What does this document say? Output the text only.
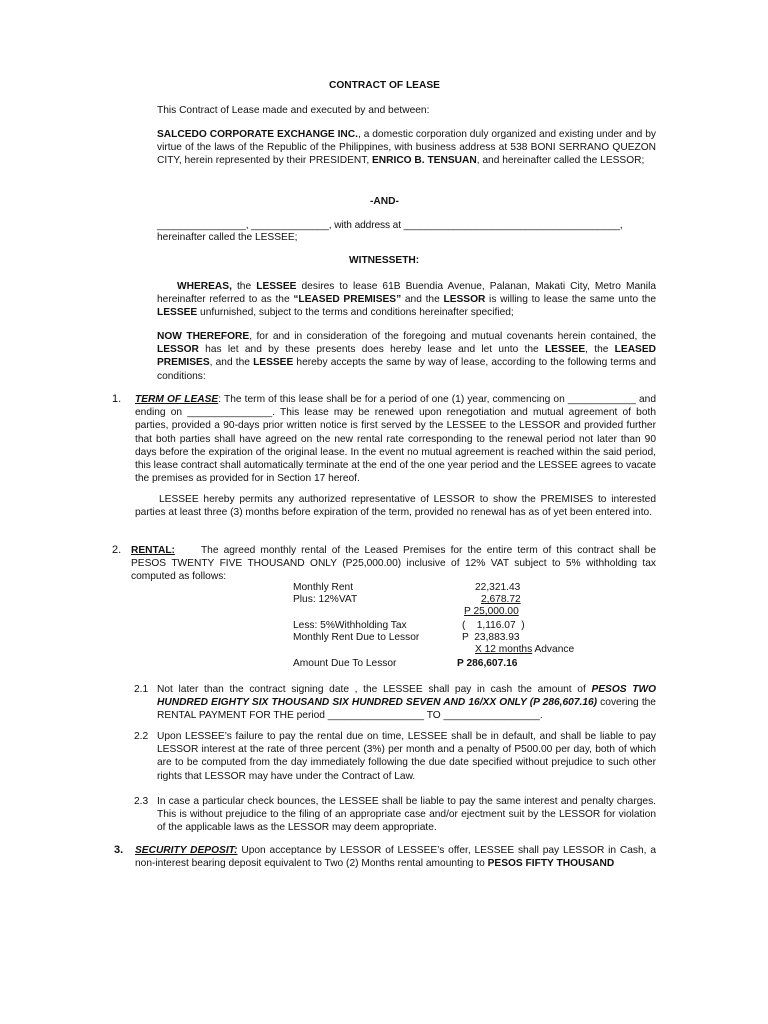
CONTRACT OF LEASE
This Contract of Lease made and executed by and between:
SALCEDO CORPORATE EXCHANGE INC., a domestic corporation duly organized and existing under and by virtue of the laws of the Republic of the Philippines, with business address at 538 BONI SERRANO QUEZON CITY, herein represented by their PRESIDENT, ENRICO B. TENSUAN, and hereinafter called the LESSOR;
-AND-
________________, ______________, with address at _______________________________________,
hereinafter called the LESSEE;
WITNESSETH:
WHEREAS, the LESSEE desires to lease 61B Buendia Avenue, Palanan, Makati City, Metro Manila hereinafter referred to as the “LEASED PREMISES” and the LESSOR is willing to lease the same unto the LESSEE unfurnished, subject to the terms and conditions hereinafter specified;
NOW THEREFORE, for and in consideration of the foregoing and mutual covenants herein contained, the LESSOR has let and by these presents does hereby lease and let unto the LESSEE, the LEASED PREMISES, and the LESSEE hereby accepts the same by way of lease, according to the following terms and conditions:
1. TERM OF LEASE: The term of this lease shall be for a period of one (1) year, commencing on ____________ and ending on _______________. This lease may be renewed upon renegotiation and mutual agreement of both parties, provided a 90-days prior written notice is first served by the LESSEE to the LESSOR and provided further that both parties shall have agreed on the new rental rate corresponding to the renewal period not later than 90 days before the expiration of the original lease. In the event no mutual agreement is reached within the said period, this lease contract shall automatically terminate at the end of the one year period and the LESSEE agrees to vacate the premises as provided for in Section 17 hereof.
LESSEE hereby permits any authorized representative of LESSOR to show the PREMISES to interested parties at least three (3) months before expiration of the term, provided no renewal has as of yet been entered into.
2. RENTAL:	The agreed monthly rental of the Leased Premises for the entire term of this contract shall be PESOS TWENTY FIVE THOUSAND ONLY (P25,000.00) inclusive of 12% VAT subject to 5% withholding tax computed as follows:
Monthly Rent	22,321.43
Plus: 12%VAT	2,678.72
P 25,000.00
Less: 5%Withholding Tax	(    1,116.07  )
Monthly Rent Due to Lessor	P  23,883.93
X 12 months Advance
Amount Due To Lessor	P 286,607.16
2.1 Not later than the contract signing date , the LESSEE shall pay in cash the amount of PESOS TWO HUNDRED EIGHTY SIX THOUSAND SIX HUNDRED SEVEN AND 16/XX ONLY (P 286,607.16) covering the RENTAL PAYMENT FOR THE period _________________ TO _________________.
2.2 Upon LESSEE’s failure to pay the rental due on time, LESSEE shall be in default, and shall be liable to pay LESSOR interest at the rate of three percent (3%) per month and a penalty of P500.00 per day, both of which are to be computed from the day immediately following the due date specified without prejudice to such other rights that LESSOR may have under the Contract of Law.
2.3 In case a particular check bounces, the LESSEE shall be liable to pay the same interest and penalty charges. This is without prejudice to the filing of an appropriate case and/or ejectment suit by the LESSOR for violation of the applicable laws as the LESSOR may deem appropriate.
3. SECURITY DEPOSIT: Upon acceptance by LESSOR of LESSEE’s offer, LESSEE shall pay LESSOR in Cash, a non-interest bearing deposit equivalent to Two (2) Months rental amounting to PESOS FIFTY THOUSAND
